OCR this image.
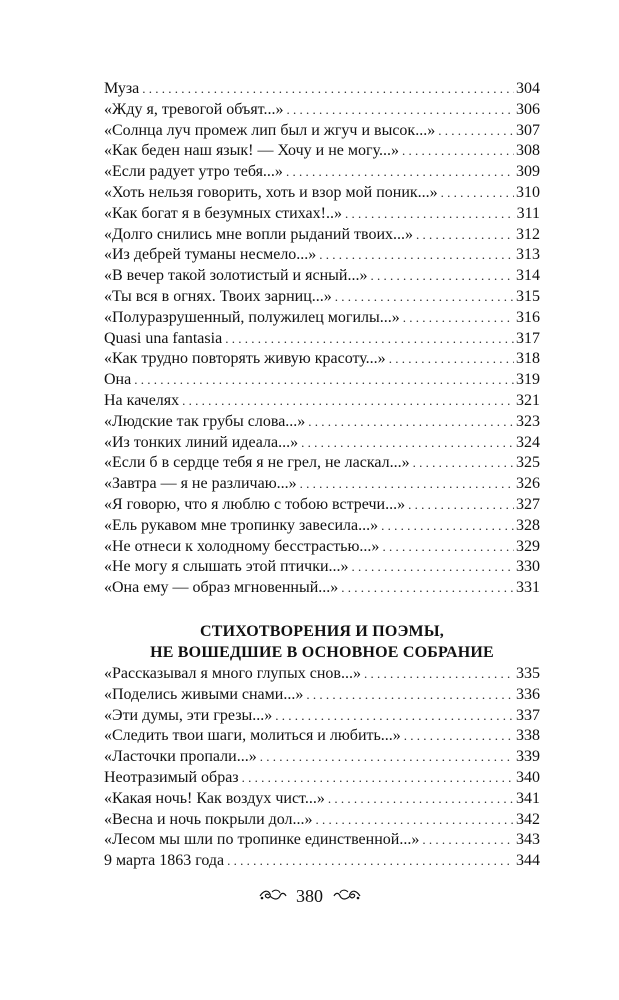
Муза . . .	304
«Жду я, тревогой объят...» . . .	306
«Солнца луч промеж лип был и жгуч и высок...» . . .	307
«Как беден наш язык! — Хочу и не могу...» . . .	308
«Если радует утро тебя...» . . .	309
«Хоть нельзя говорить, хоть и взор мой поник...» . . .	310
«Как богат я в безумных стихах!..» . . .	311
«Долго снились мне вопли рыданий твоих...» . . .	312
«Из дебрей туманы несмело...» . . .	313
«В вечер такой золотистый и ясный...» . . .	314
«Ты вся в огнях. Твоих зарниц...» . . .	315
«Полуразрушенный, полужилец могилы...» . . .	316
Quasi una fantasia . . .	317
«Как трудно повторять живую красоту...» . . .	318
Она . . .	319
На качелях . . .	321
«Людские так грубы слова...» . . .	323
«Из тонких линий идеала...» . . .	324
«Если б в сердце тебя я не грел, не ласкал...» . . .	325
«Завтра — я не различаю...» . . .	326
«Я говорю, что я люблю с тобою встречи...» . . .	327
«Ель рукавом мне тропинку завесила...» . . .	328
«Не отнеси к холодному бесстрастью...» . . .	329
«Не могу я слышать этой птички...» . . .	330
«Она ему — образ мгновенный...» . . .	331
СТИХОТВОРЕНИЯ И ПОЭМЫ,
НЕ ВОШЕДШИЕ В ОСНОВНОЕ СОБРАНИЕ
«Рассказывал я много глупых снов...» . . .	335
«Поделись живыми снами...» . . .	336
«Эти думы, эти грезы...» . . .	337
«Следить твои шаги, молиться и любить...» . . .	338
«Ласточки пропали...» . . .	339
Неотразимый образ . . .	340
«Какая ночь! Как воздух чист...» . . .	341
«Весна и ночь покрыли дол...» . . .	342
«Лесом мы шли по тропинке единственной...» . . .	343
9 марта 1863 года . . .	344
380
